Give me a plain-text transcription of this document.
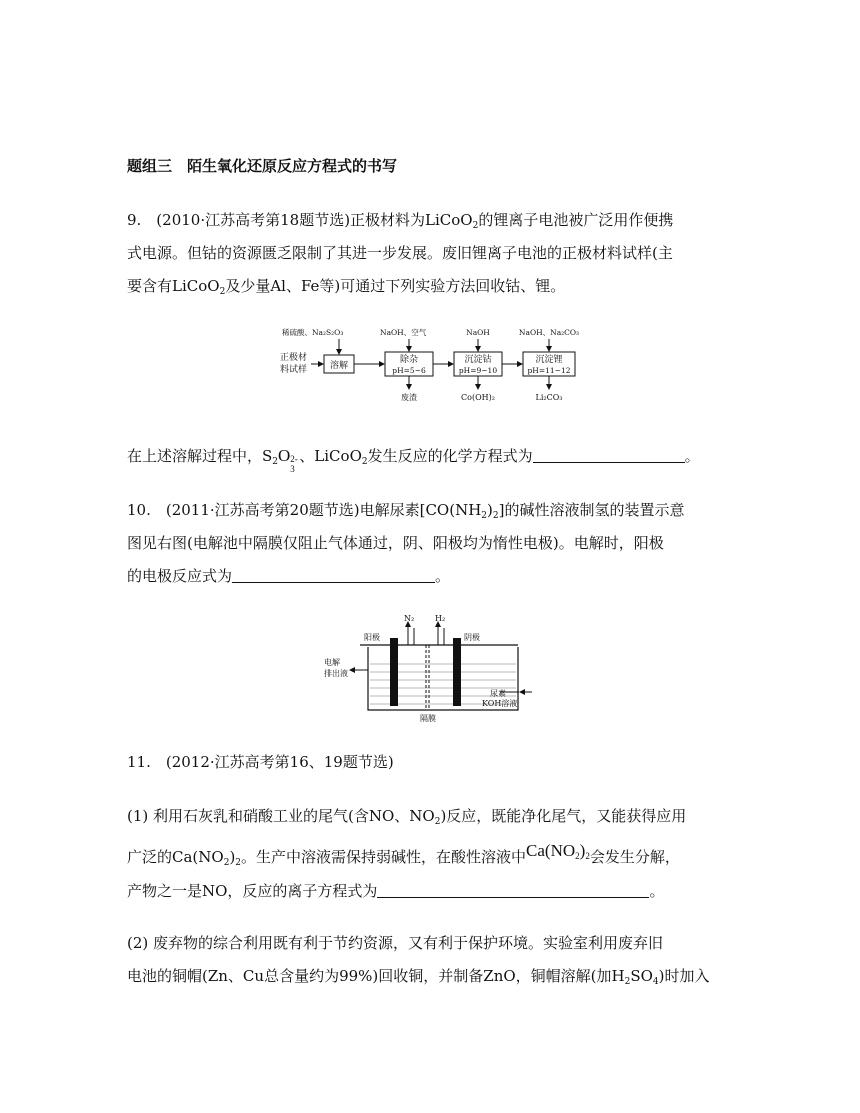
题组三　陌生氧化还原反应方程式的书写
9.　(2010·江苏高考第18题节选)正极材料为LiCoO$_2$的锂离子电池被广泛用作便携
式电源。但钴的资源匮乏限制了其进一步发展。废旧锂离子电池的正极材料试样(主
要含有LiCoO$_2$及少量Al、Fe等)可通过下列实验方法回收钴、锂。
正极材
料试样	溶解
稀硫酸、Na₂S₂O₃
除杂
pH=5~6
NaOH、空气
废渣
沉淀钴
pH=9~10
NaOH
Co(OH)₂
沉淀锂
pH=11~12
NaOH、Na₂CO₃
Li₂CO₃
在上述溶解过程中，$S_2O$ 2-
3
、LiCoO$_2$发生反应的化学方程式为	。
10.　(2011·江苏高考第20题节选)电解尿素$[CO(NH_2)_2]$的碱性溶液制氢的装置示意
图见右图(电解池中隔膜仅阻止气体通过，阴、阳极均为惰性电极)。电解时，阳极
的电极反应式为	。
N₂	H₂
阳极	阴极
电解
排出液
尿素
KOH溶液
隔膜
11.　(2012·江苏高考第16、19题节选)
(1) 利用石灰乳和硝酸工业的尾气(含NO、$NO_2$)反应，既能净化尾气，又能获得应用
广泛的$Ca(NO_2)_2$。生产中溶液需保持弱碱性，在酸性溶液中$Ca(NO_2)_2$会发生分解，
产物之一是NO，反应的离子方程式为	。
(2) 废弃物的综合利用既有利于节约资源，又有利于保护环境。实验室利用废弃旧
电池的铜帽(Zn、Cu总含量约为99%)回收铜，并制备ZnO，铜帽溶解(加$H_2SO_4$)时加入
